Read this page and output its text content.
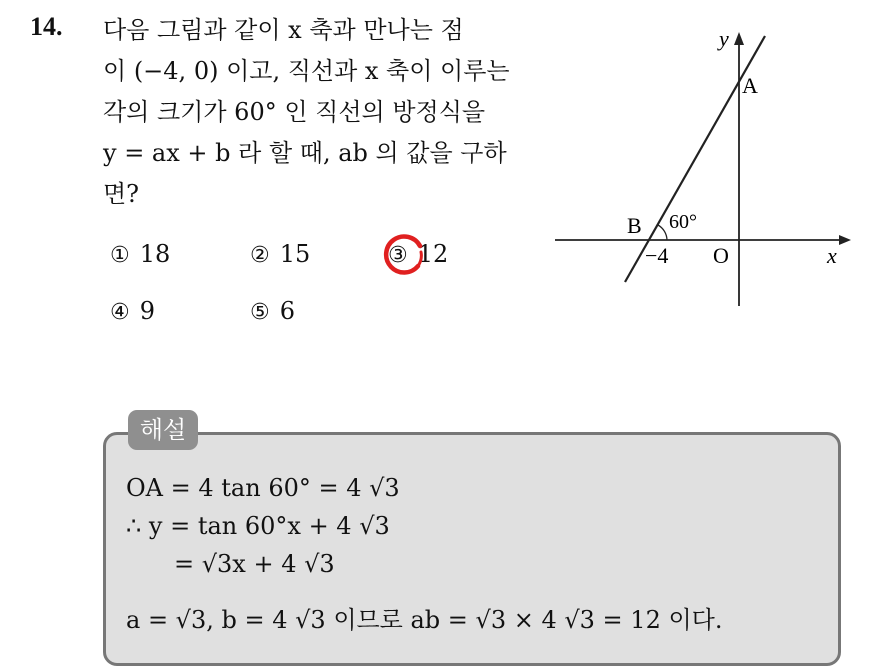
14. 다음 그림과 같이 x 축과 만나는 점
이 (−4, 0) 이고, 직선과 x 축이 이루는
각의 크기가 60° 인 직선의 방정식을
y = ax + b 라 할 때, ab 의 값을 구하
면?

y
x
A
B 60°
−4 O
① 18	② 15	③ 12
④ 9	⑤ 6
해설
OA = 4 tan 60° = 4 √3
∴ y = tan 60°x + 4 √3
= √3x + 4 √3
a = √3, b = 4 √3 이므로 ab = √3 × 4 √3 = 12 이다.
